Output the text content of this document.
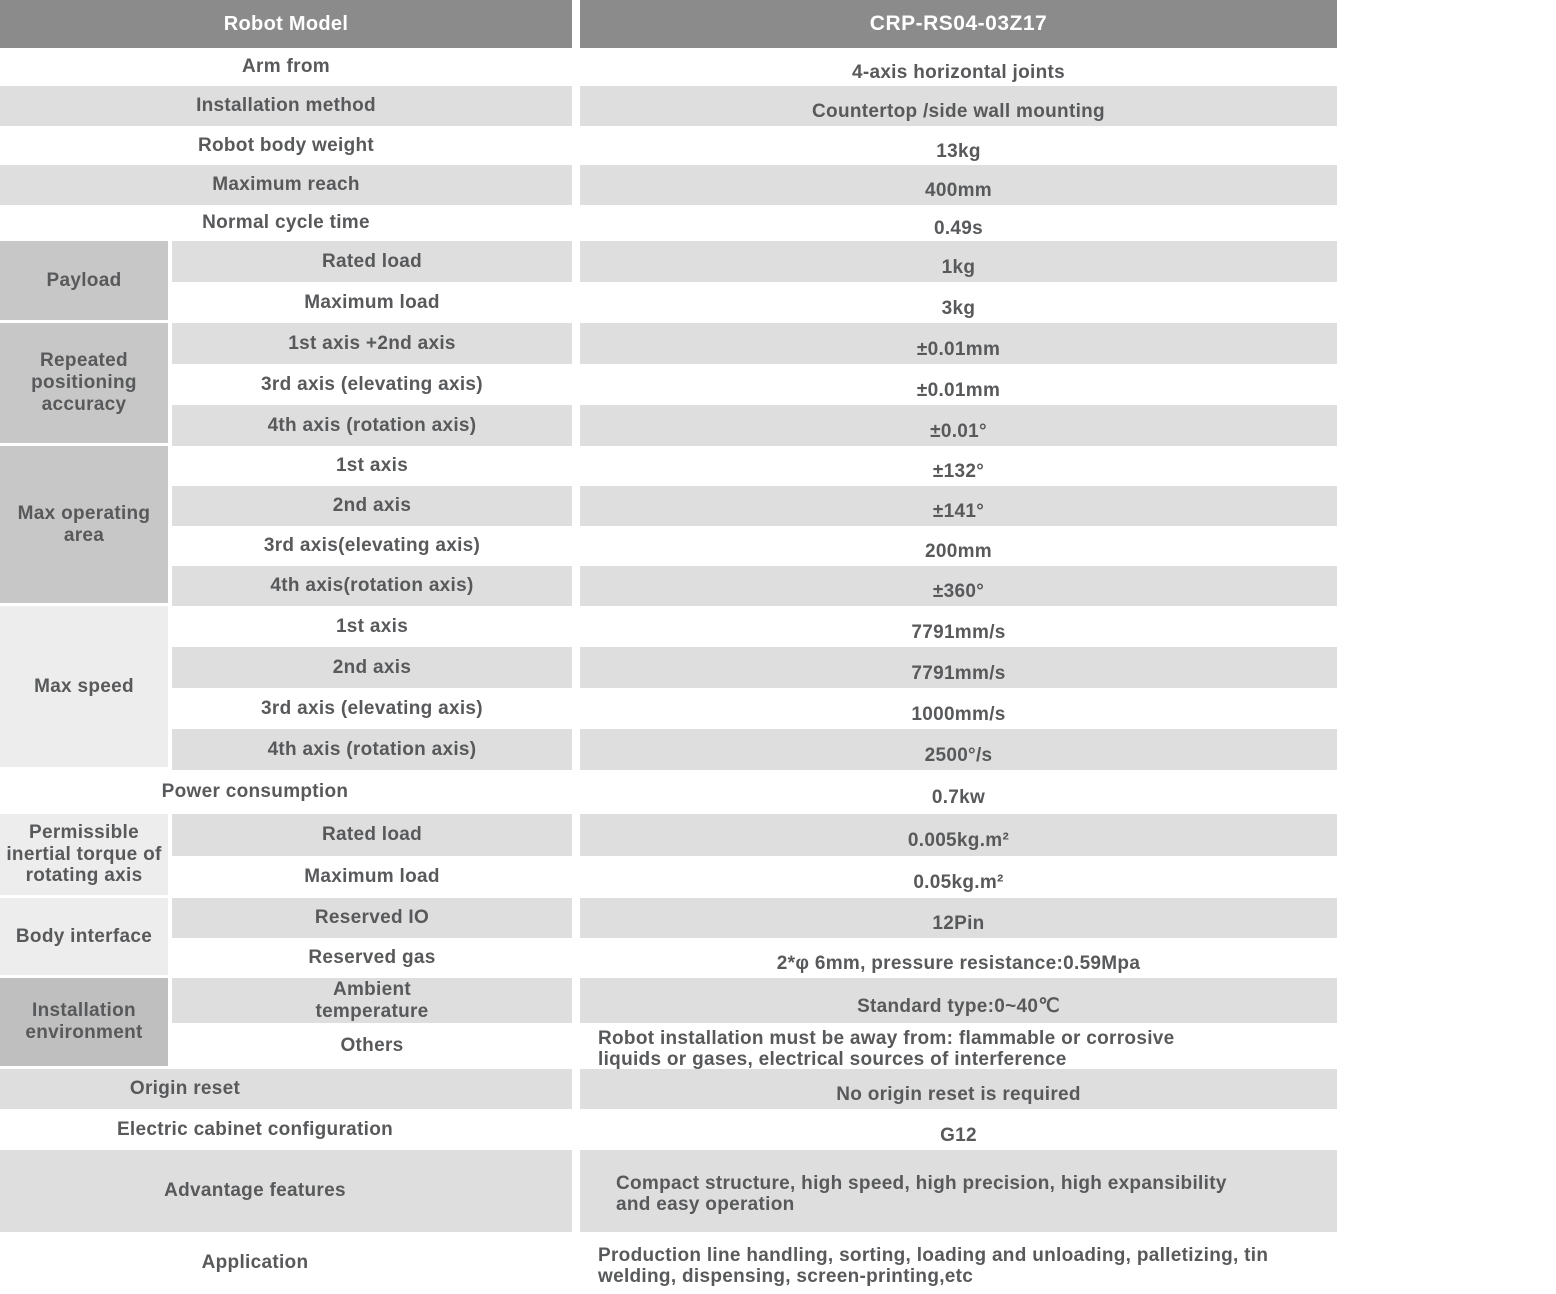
Robot Model	CRP-RS04-03Z17
Arm from	4-axis horizontal joints
Installation method	Countertop /side wall mounting
Robot body weight	13kg
Maximum reach	400mm
Normal cycle time	0.49s
Payload
Rated load	1kg
Maximum load	3kg
Repeated positioning accuracy
1st axis +2nd axis	±0.01mm
3rd axis (elevating axis)	±0.01mm
4th axis (rotation axis)	±0.01°
Max operating area
1st axis	±132°
2nd axis	±141°
3rd axis(elevating axis)	200mm
4th axis(rotation axis)	±360°
Max speed
1st axis	7791mm/s
2nd axis	7791mm/s
3rd axis (elevating axis)	1000mm/s
4th axis (rotation axis)	2500°/s
Power consumption	0.7kw
Permissible inertial torque of rotating axis
Rated load	0.005kg.m²
Maximum load	0.05kg.m²
Body interface
Reserved IO	12Pin
Reserved gas	2*φ 6mm, pressure resistance:0.59Mpa
Installation environment
Ambient temperature	Standard type:0~40℃
Others	Robot installation must be away from: flammable or corrosive liquids or gases, electrical sources of interference
Origin reset	No origin reset is required
Electric cabinet configuration	G12
Advantage features	Compact structure, high speed, high precision, high expansibility and easy operation
Application	Production line handling, sorting, loading and unloading, palletizing, tin welding, dispensing, screen-printing,etc
